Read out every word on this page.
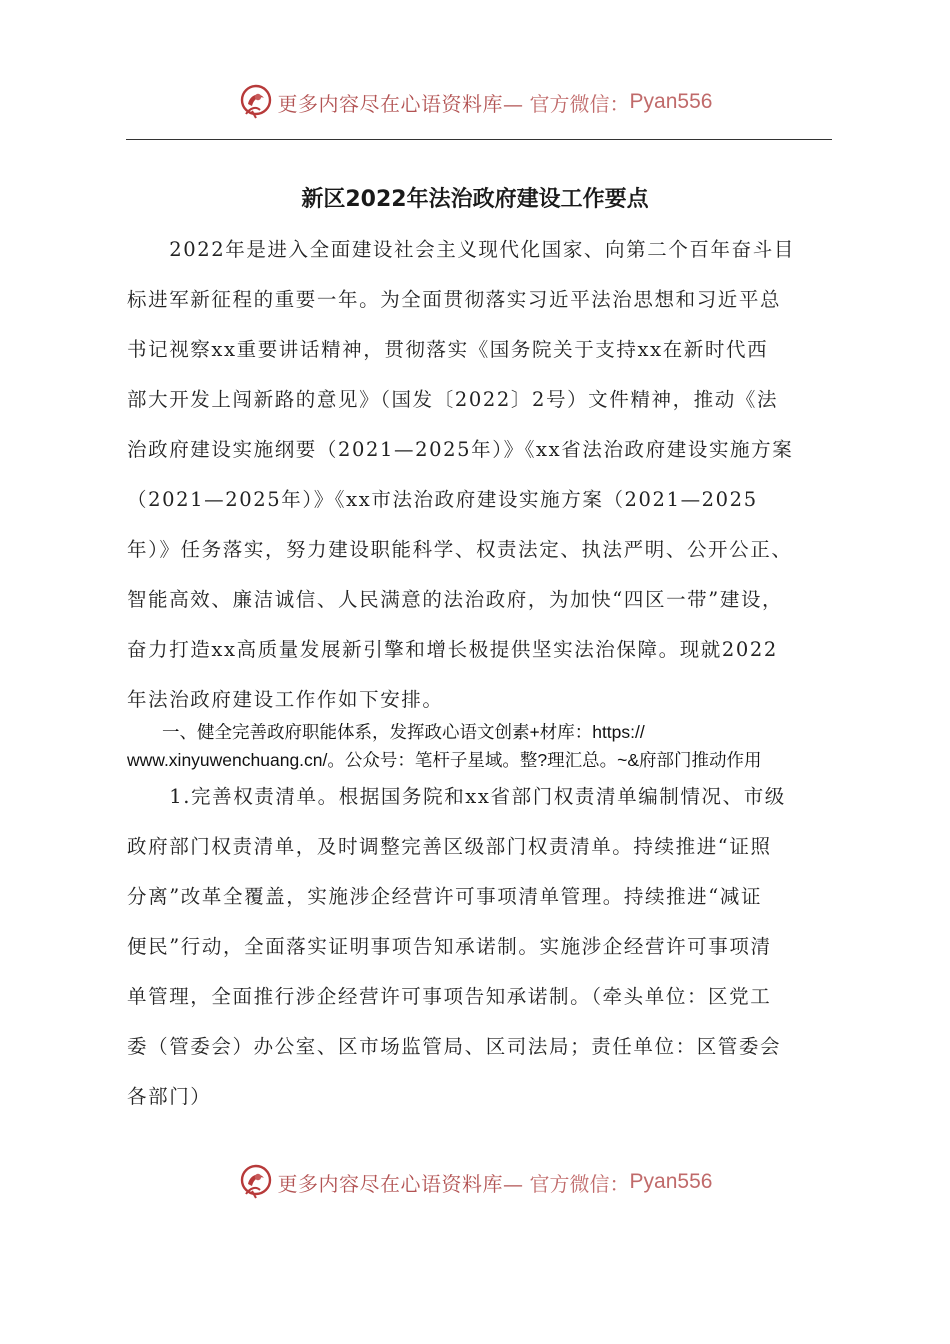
更多内容尽在心语资料库— 官方微信： Pyan556
新区2022年法治政府建设工作要点
　　2022年是进入全面建设社会主义现代化国家、向第二个百年奋斗目
标进军新征程的重要一年。为全面贯彻落实习近平法治思想和习近平总
书记视察xx重要讲话精神，贯彻落实《国务院关于支持xx在新时代西
部大开发上闯新路的意见》（国发〔2022〕2号）文件精神，推动《法
治政府建设实施纲要（2021—2025年）》《xx省法治政府建设实施方案
（2021—2025年）》《xx市法治政府建设实施方案（2021—2025
年）》任务落实，努力建设职能科学、权责法定、执法严明、公开公正、
智能高效、廉洁诚信、人民满意的法治政府，为加快“四区一带”建设，
奋力打造xx高质量发展新引擎和增长极提供坚实法治保障。现就2022
年法治政府建设工作作如下安排。
　　一、健全完善政府职能体系，发挥政心语文创素+材库：https://
www.xinyuwenchuang.cn/。公众号：笔杆子星域。整?理汇总。~&府部门推动作用
　　1.完善权责清单。根据国务院和xx省部门权责清单编制情况、市级
政府部门权责清单，及时调整完善区级部门权责清单。持续推进“证照
分离”改革全覆盖，实施涉企经营许可事项清单管理。持续推进“减证
便民”行动，全面落实证明事项告知承诺制。实施涉企经营许可事项清
单管理，全面推行涉企经营许可事项告知承诺制。（牵头单位：区党工
委（管委会）办公室、区市场监管局、区司法局；责任单位：区管委会
各部门）
更多内容尽在心语资料库— 官方微信： Pyan556
